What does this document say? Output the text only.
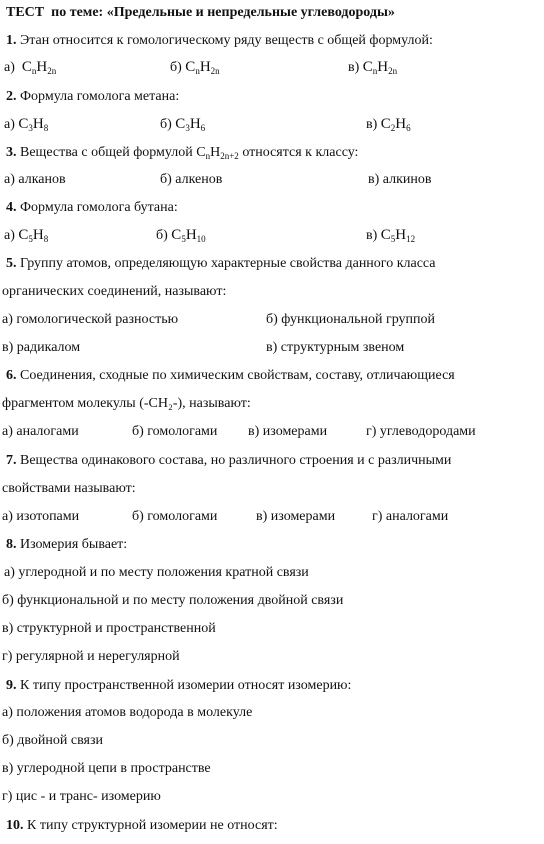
ТЕСТ по теме: «Предельные и непредельные углеводороды»
1. Этан относится к гомологическому ряду веществ с общей формулой:
а) $C_nH_{2n}$	б) $C_nH_{2n}$	в) $C_nH_{2n}$
2. Формула гомолога метана:
а) $C_3H_8$	б) $C_3H_6$	в) $C_2H_6$
3. Вещества с общей формулой $C_nH_{2n+2}$ относятся к классу:
а) алканов	б) алкенов	в) алкинов
4. Формула гомолога бутана:
а) $C_5H_8$	б) $C_5H_{10}$	в) $C_5H_{12}$
5. Группу атомов, определяющую характерные свойства данного класса
органических соединений, называют:
а) гомологической разностью	б) функциональной группой
в) радикалом	в) структурным звеном
6. Соединения, сходные по химическим свойствам, составу, отличающиеся
фрагментом молекулы (-CH₂-), называют:
а) аналогами	б) гомологами в) изомерами	г) углеводородами
7. Вещества одинакового состава, но различного строения и с различными
свойствами называют:
а) изотопами	б) гомологами	в) изомерами	г) аналогами
8. Изомерия бывает:
а) углеродной и по месту положения кратной связи
б) функциональной и по месту положения двойной связи
в) структурной и пространственной
г) регулярной и нерегулярной
9. К типу пространственной изомерии относят изомерию:
а) положения атомов водорода в молекуле
б) двойной связи
в) углеродной цепи в пространстве
г) цис - и транс- изомерию
10. К типу структурной изомерии не относят:
